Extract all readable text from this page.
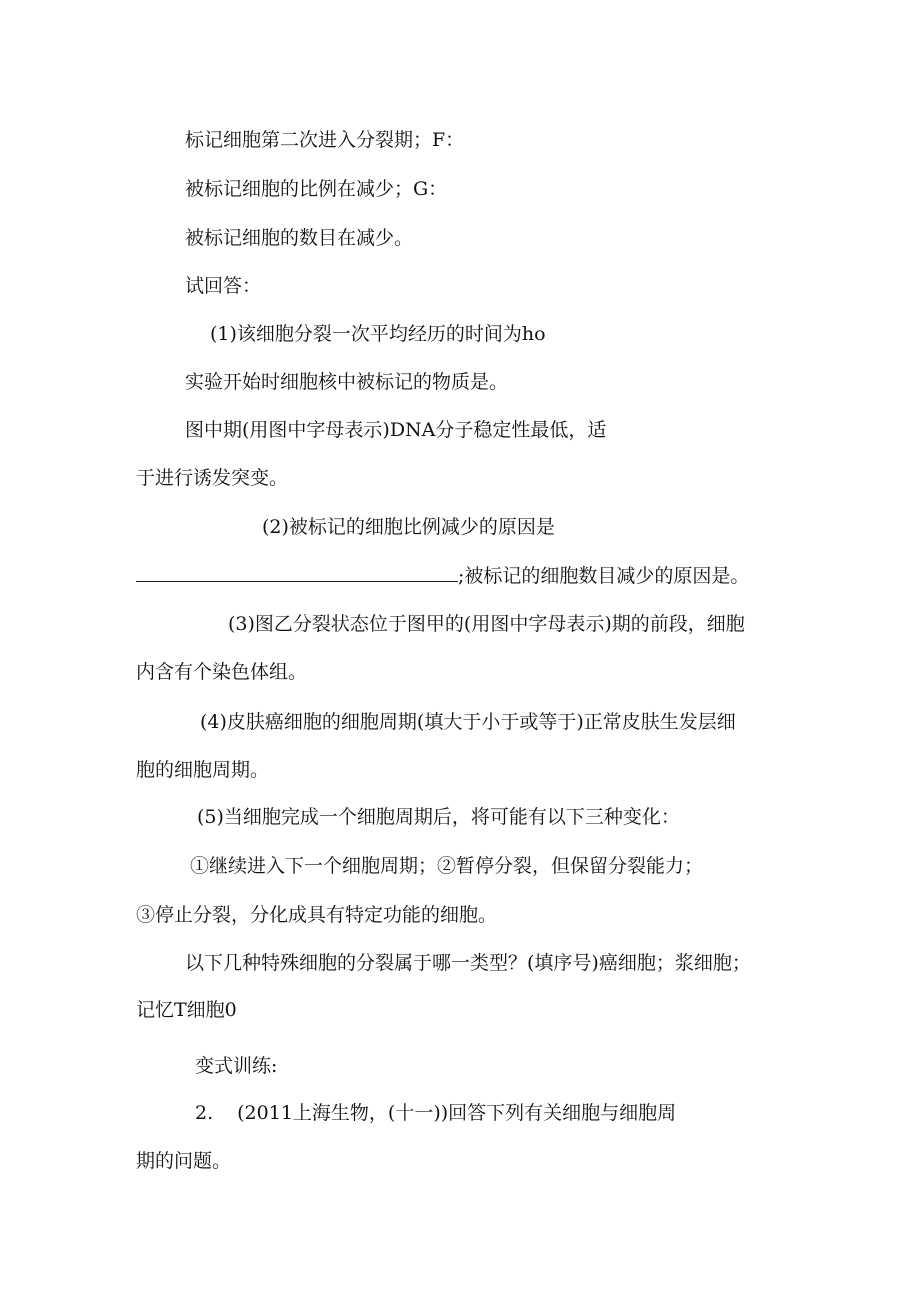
标记细胞第二次进入分裂期；F：

被标记细胞的比例在减少；G：

被标记细胞的数目在减少。

试回答：

(1)该细胞分裂一次平均经历的时间为ho

实验开始时细胞核中被标记的物质是。

图中期(用图中字母表示)DNA分子稳定性最低，适

于进行诱发突变。

(2)被标记的细胞比例减少的原因是

;被标记的细胞数目减少的原因是。

(3)图乙分裂状态位于图甲的(用图中字母表示)期的前段，细胞

内含有个染色体组。

(4)皮肤癌细胞的细胞周期(填大于小于或等于)正常皮肤生发层细

胞的细胞周期。

(5)当细胞完成一个细胞周期后，将可能有以下三种变化：

①继续进入下一个细胞周期；②暂停分裂，但保留分裂能力；

③停止分裂，分化成具有特定功能的细胞。

以下几种特殊细胞的分裂属于哪一类型？(填序号)癌细胞；浆细胞；

记忆T细胞0

变式训练:

2. (2011上海生物，(十一))回答下列有关细胞与细胞周

期的问题。
